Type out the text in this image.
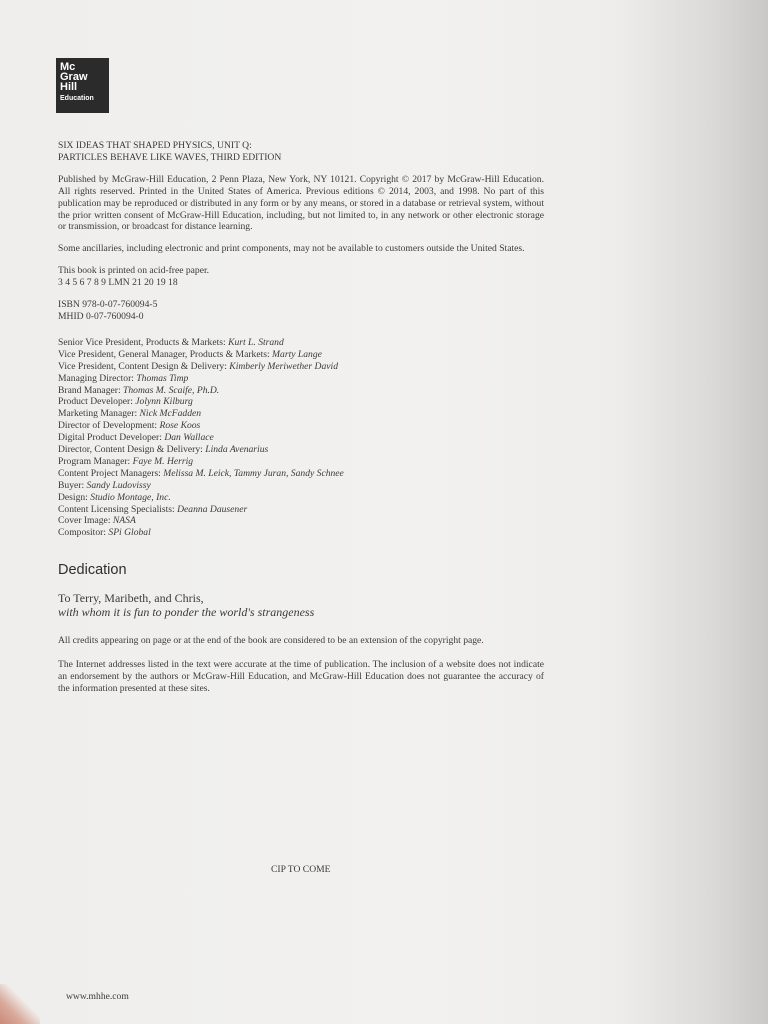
Mc
Graw
Hill
Education
SIX IDEAS THAT SHAPED PHYSICS, UNIT Q:
PARTICLES BEHAVE LIKE WAVES, THIRD EDITION

Published by McGraw-Hill Education, 2 Penn Plaza, New York, NY 10121. Copyright © 2017 by McGraw-Hill Education. All rights reserved. Printed in the United States of America. Previous editions © 2014, 2003, and 1998. No part of this publication may be reproduced or distributed in any form or by any means, or stored in a database or retrieval system, without the prior written consent of McGraw-Hill Education, including, but not limited to, in any network or other electronic storage or transmission, or broadcast for distance learning.

Some ancillaries, including electronic and print components, may not be available to customers outside the United States.

This book is printed on acid-free paper.
3 4 5 6 7 8 9 LMN 21 20 19 18
ISBN 978-0-07-760094-5
MHID 0-07-760094-0
Senior Vice President, Products & Markets: Kurt L. Strand
Vice President, General Manager, Products & Markets: Marty Lange
Vice President, Content Design & Delivery: Kimberly Meriwether David
Managing Director: Thomas Timp
Brand Manager: Thomas M. Scaife, Ph.D.
Product Developer: Jolynn Kilburg
Marketing Manager: Nick McFadden
Director of Development: Rose Koos
Digital Product Developer: Dan Wallace
Director, Content Design & Delivery: Linda Avenarius
Program Manager: Faye M. Herrig
Content Project Managers: Melissa M. Leick, Tammy Juran, Sandy Schnee
Buyer: Sandy Ludovissy
Design: Studio Montage, Inc.
Content Licensing Specialists: Deanna Dausener
Cover Image: NASA
Compositor: SPi Global
Dedication
To Terry, Maribeth, and Chris,
with whom it is fun to ponder the world's strangeness

All credits appearing on page or at the end of the book are considered to be an extension of the copyright page.

The Internet addresses listed in the text were accurate at the time of publication. The inclusion of a website does not indicate an endorsement by the authors or McGraw-Hill Education, and McGraw-Hill Education does not guarantee the accuracy of the information presented at these sites.

CIP TO COME
www.mhhe.com
